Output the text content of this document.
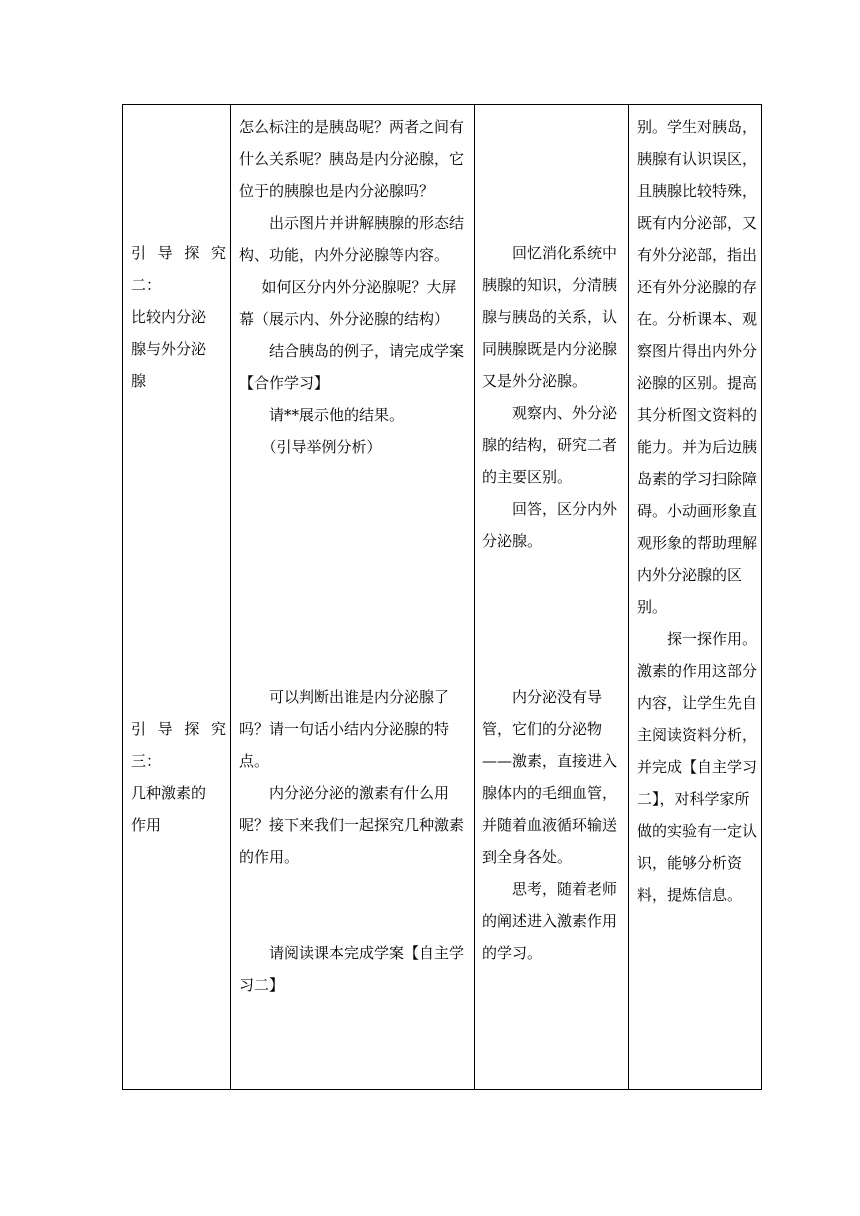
引 导 探 究

二：

比较内分泌

腺与外分泌

腺

引 导 探 究

三：

几种激素的

作用

怎么标注的是胰岛呢？两者之间有什么关系呢？胰岛是内分泌腺，它位于的胰腺也是内分泌腺吗？

出示图片并讲解胰腺的形态结构、功能，内外分泌腺等内容。

如何区分内外分泌腺呢？大屏幕（展示内、外分泌腺的结构）

结合胰岛的例子，请完成学案【合作学习】

请**展示他的结果。

（引导举例分析）

可以判断出谁是内分泌腺了吗？请一句话小结内分泌腺的特点。

内分泌分泌的激素有什么用呢？接下来我们一起探究几种激素的作用。

请阅读课本完成学案【自主学习二】

回忆消化系统中胰腺的知识，分清胰腺与胰岛的关系，认同胰腺既是内分泌腺又是外分泌腺。

观察内、外分泌腺的结构，研究二者的主要区别。

回答，区分内外分泌腺。

内分泌没有导管，它们的分泌物——激素，直接进入腺体内的毛细血管，并随着血液循环输送到全身各处。

思考，随着老师的阐述进入激素作用的学习。

别。学生对胰岛，胰腺有认识误区，且胰腺比较特殊，既有内分泌部，又有外分泌部，指出还有外分泌腺的存在。分析课本、观察图片得出内外分泌腺的区别。提高其分析图文资料的能力。并为后边胰岛素的学习扫除障碍。小动画形象直观形象的帮助理解内外分泌腺的区别。

探一探作用。激素的作用这部分内容，让学生先自主阅读资料分析，并完成【自主学习二】，对科学家所做的实验有一定认识，能够分析资料，提炼信息。
